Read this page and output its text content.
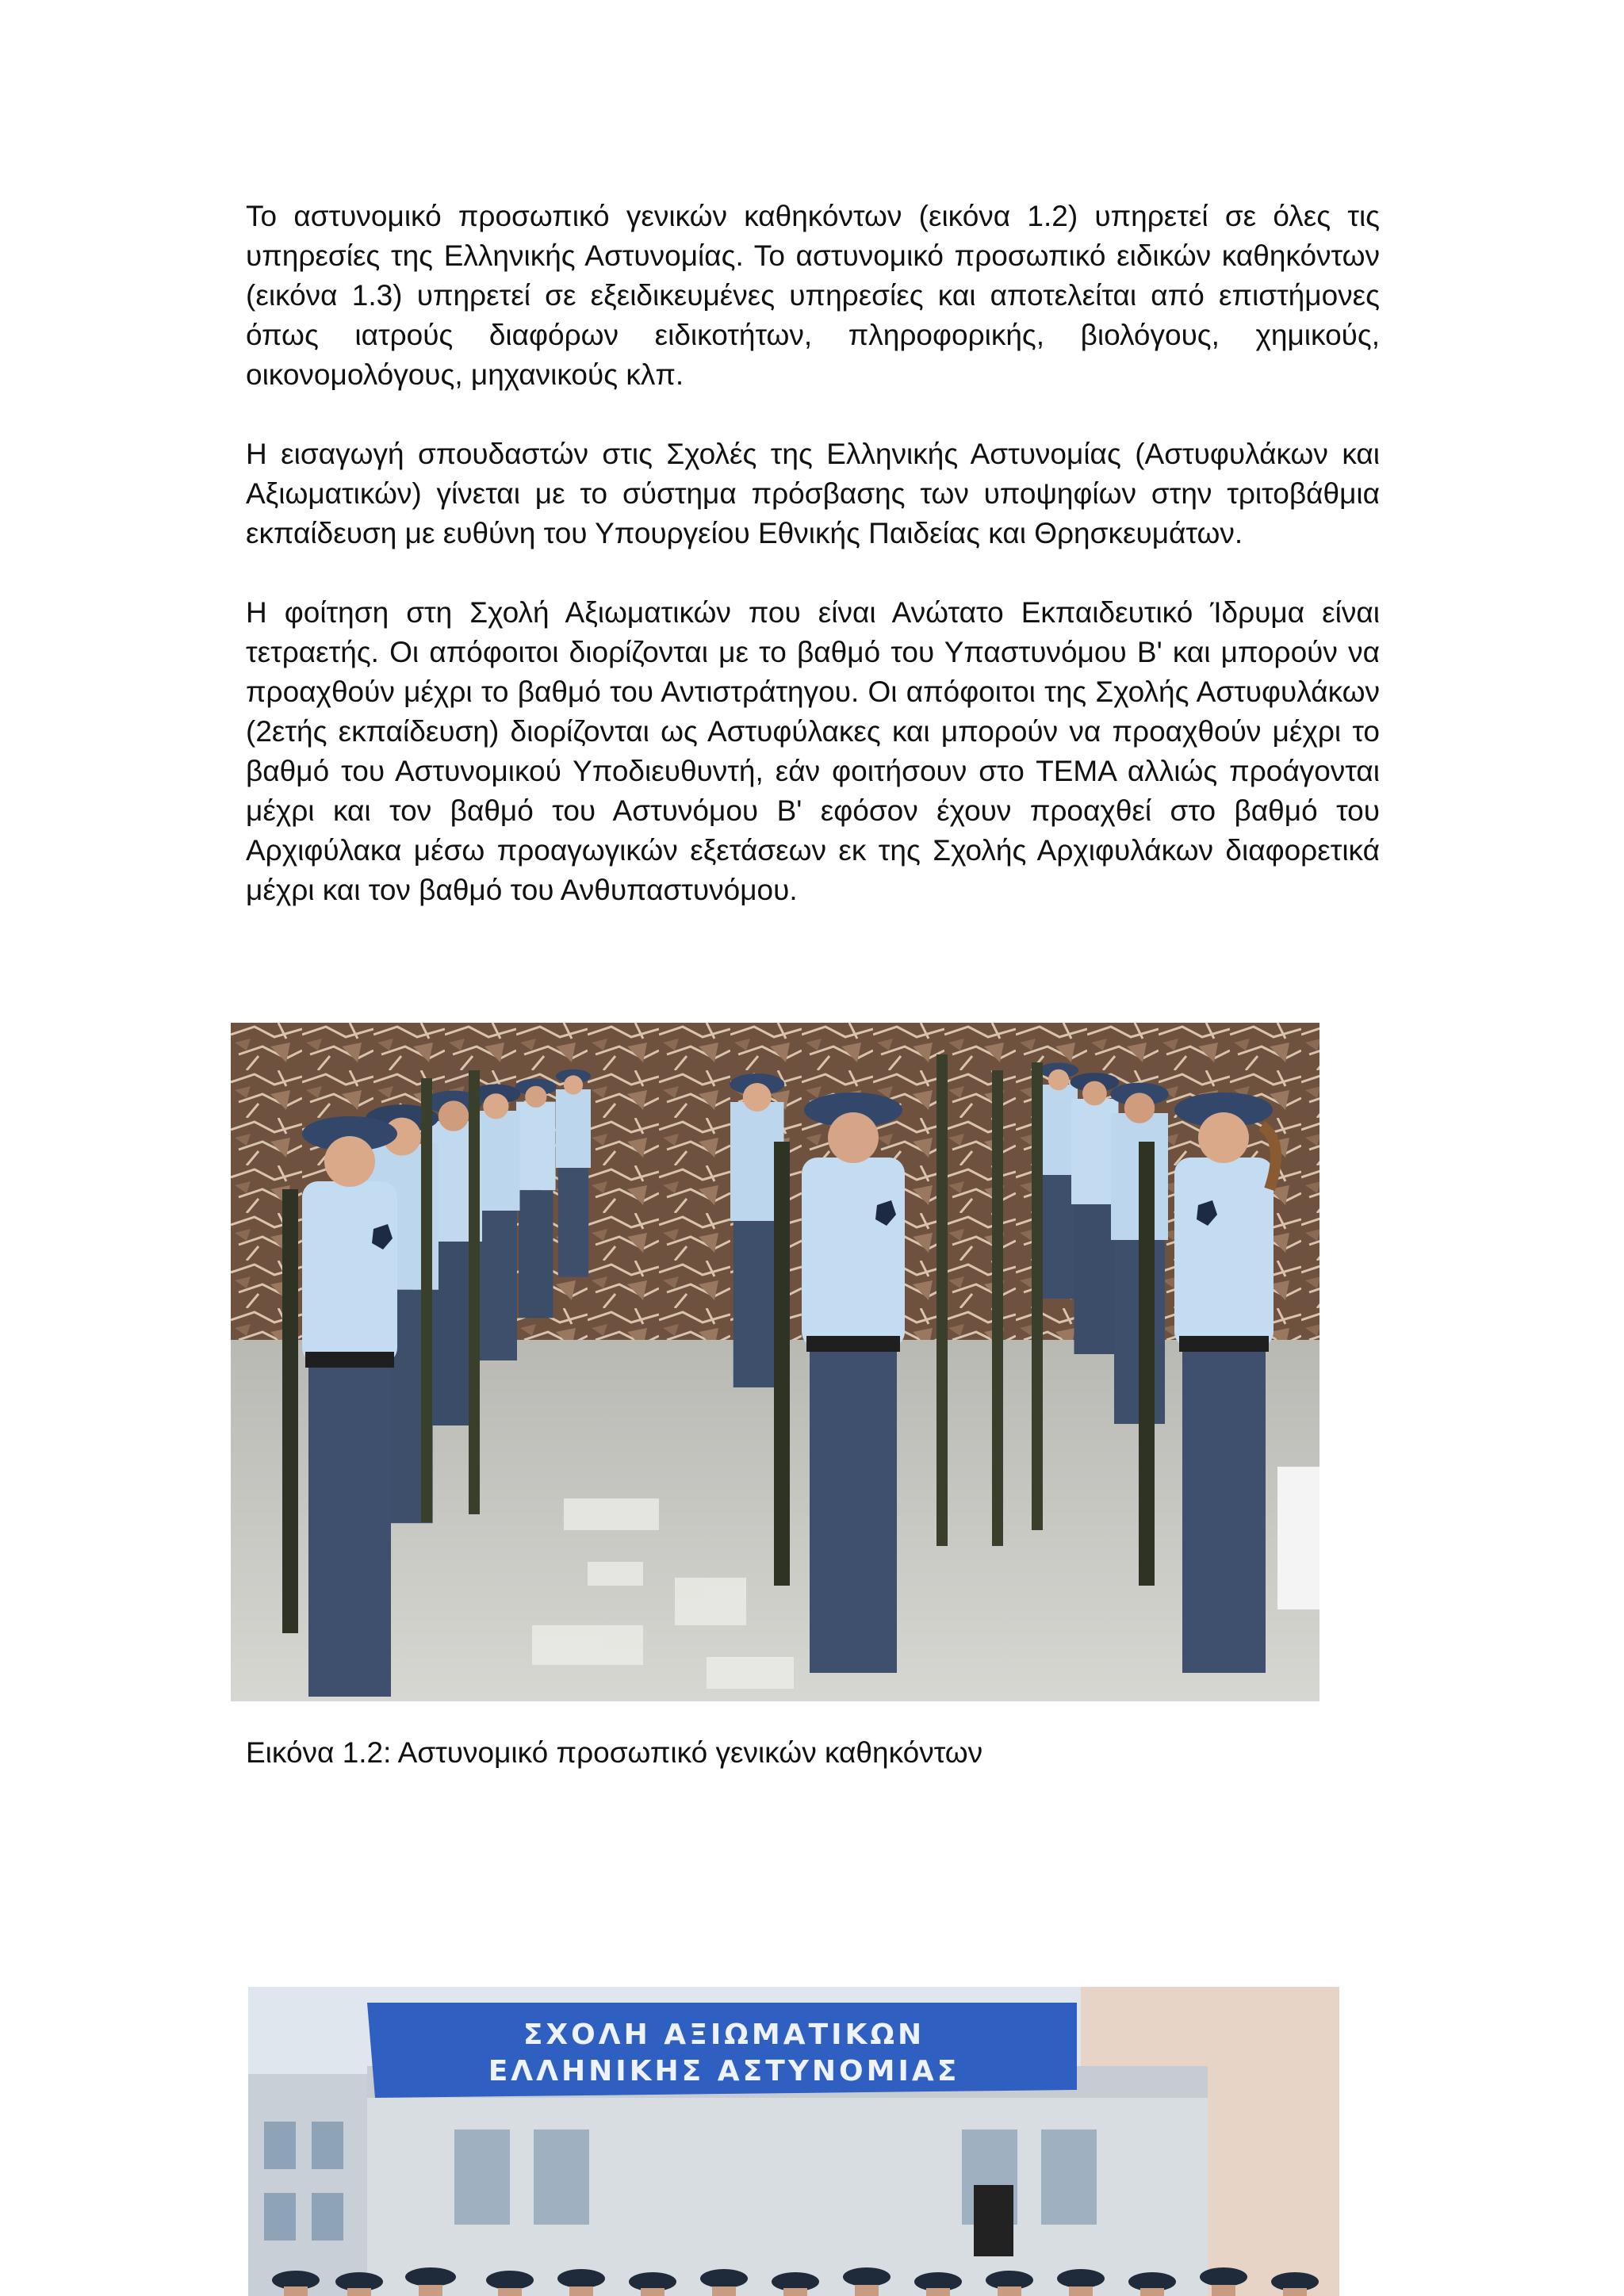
Το αστυνομικό προσωπικό γενικών καθηκόντων (εικόνα 1.2) υπηρετεί σε όλες τις υπηρεσίες της Ελληνικής Αστυνομίας. Το αστυνομικό προσωπικό ειδικών καθηκόντων (εικόνα 1.3) υπηρετεί σε εξειδικευμένες υπηρεσίες και αποτελείται από επιστήμονες όπως ιατρούς διαφόρων ειδικοτήτων, πληροφορικής, βιολόγους, χημικούς, οικονομολόγους, μηχανικούς κλπ.

Η εισαγωγή σπουδαστών στις Σχολές της Ελληνικής Αστυνομίας (Αστυφυλάκων και Αξιωματικών) γίνεται με το σύστημα πρόσβασης των υποψηφίων στην τριτοβάθμια εκπαίδευση με ευθύνη του Υπουργείου Εθνικής Παιδείας και Θρησκευμάτων.

Η φοίτηση στη Σχολή Αξιωματικών που είναι Ανώτατο Εκπαιδευτικό Ίδρυμα είναι τετραετής. Οι απόφοιτοι διορίζονται με το βαθμό του Υπαστυνόμου Β' και μπορούν να προαχθούν μέχρι το βαθμό του Αντιστράτηγου. Οι απόφοιτοι της Σχολής Αστυφυλάκων (2ετής εκπαίδευση) διορίζονται ως Αστυφύλακες και μπορούν να προαχθούν μέχρι το βαθμό του Αστυνομικού Υποδιευθυντή, εάν φοιτήσουν στο ΤΕΜΑ αλλιώς προάγονται μέχρι και τον βαθμό του Αστυνόμου Β' εφόσον έχουν προαχθεί στο βαθμό του Αρχιφύλακα μέσω προαγωγικών εξετάσεων εκ της Σχολής Αρχιφυλάκων διαφορετικά μέχρι και τον βαθμό του Ανθυπαστυνόμου.

Εικόνα 1.2: Αστυνομικό προσωπικό γενικών καθηκόντων

ΣΧΟΛΗ ΑΞΙΩΜΑΤΙΚΩΝ
ΕΛΛΗΝΙΚΗΣ ΑΣΤΥΝΟΜΙΑΣ
